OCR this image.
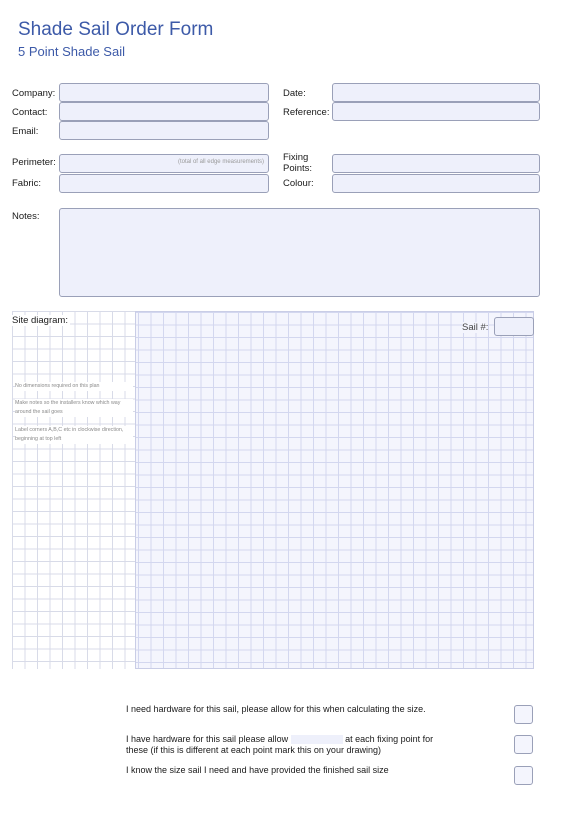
Shade Sail Order Form
5 Point Shade Sail
Company:
Contact:
Email:
Date:
Reference:
Perimeter:	(total of all edge measurements)
Fabric:
Fixing
Points:
Colour:
Notes:
Site diagram:
Sail #:
No dimensions required on this plan
Make notes so the installers know which way around the sail goes
Label corners A,B,C etc in clockwise direction, beginning at top left
I need hardware for this sail, please allow for this when calculating the size.
I have hardware for this sail please allow	at each fixing point for
these (if this is different at each point mark this on your drawing)
I know the size sail I need and have provided the finished sail size
